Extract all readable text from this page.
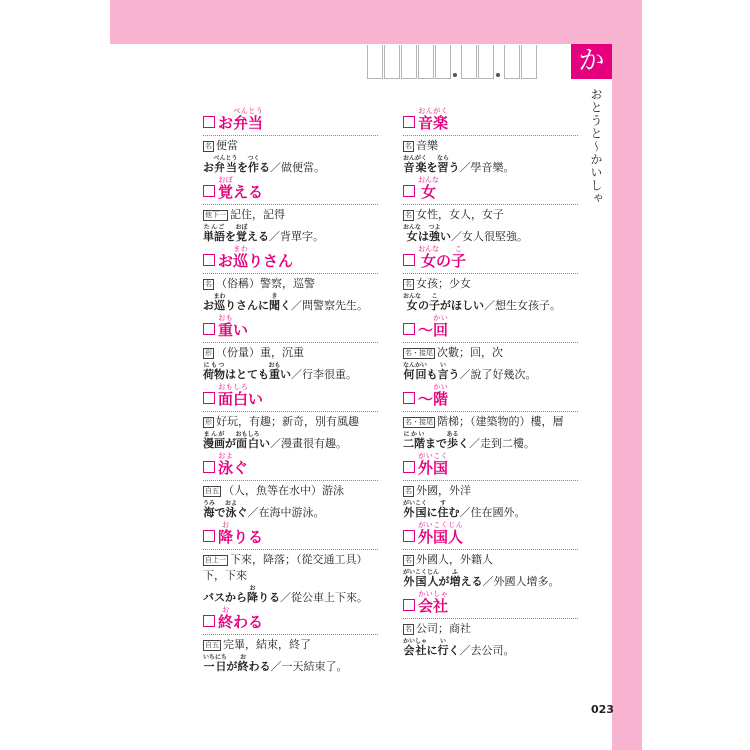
か
おとうと〜かいしゃ
お弁当べんとう
名 便當
お弁当べんとうを作つくる／做便當。
覚おぼえる
他下一 記住，記得
単語たんごを覚おぼえる／背單字。
お巡まわりさん
名 （俗稱）警察，巡警
お巡まわりさんに聞きく／問警察先生。
重おもい
形 （份量）重，沉重
荷物にもつはとても重おもい／行李很重。
面白おもしろい
形 好玩，有趣；新奇，別有風趣
漫画まんがが面白おもしろい／漫畫很有趣。
泳およぐ
自五 （人，魚等在水中）游泳
海うみで泳およぐ／在海中游泳。
降おりる
自上一 下來，降落；（從交通工具）下，下來
バスから降おりる／從公車上下來。
終おわる
自五 完畢，結束，終了
一日いちにちが終おわる／一天結束了。
音楽おんがく
名 音樂
音楽おんがくを習ならう／學音樂。
女おんな
名 女性，女人，女子
女おんなは強つよい／女人很堅強。
女おんなの子こ
名 女孩；少女
女おんなの子こがほしい／想生女孩子。
〜回かい
名・接尾 次數；回，次
何回なんかいも言いう／說了好幾次。
〜階かい
名・接尾 階梯；（建築物的）樓，層
二階にかいまで歩あるく／走到二樓。
外国がいこく
名 外國，外洋
外国がいこくに住すむ／住在國外。
外国人がいこくじん
名 外國人，外籍人
外国人がいこくじんが増ふえる／外國人增多。
会社かいしゃ
名 公司；商社
会社かいしゃに行いく／去公司。
023
